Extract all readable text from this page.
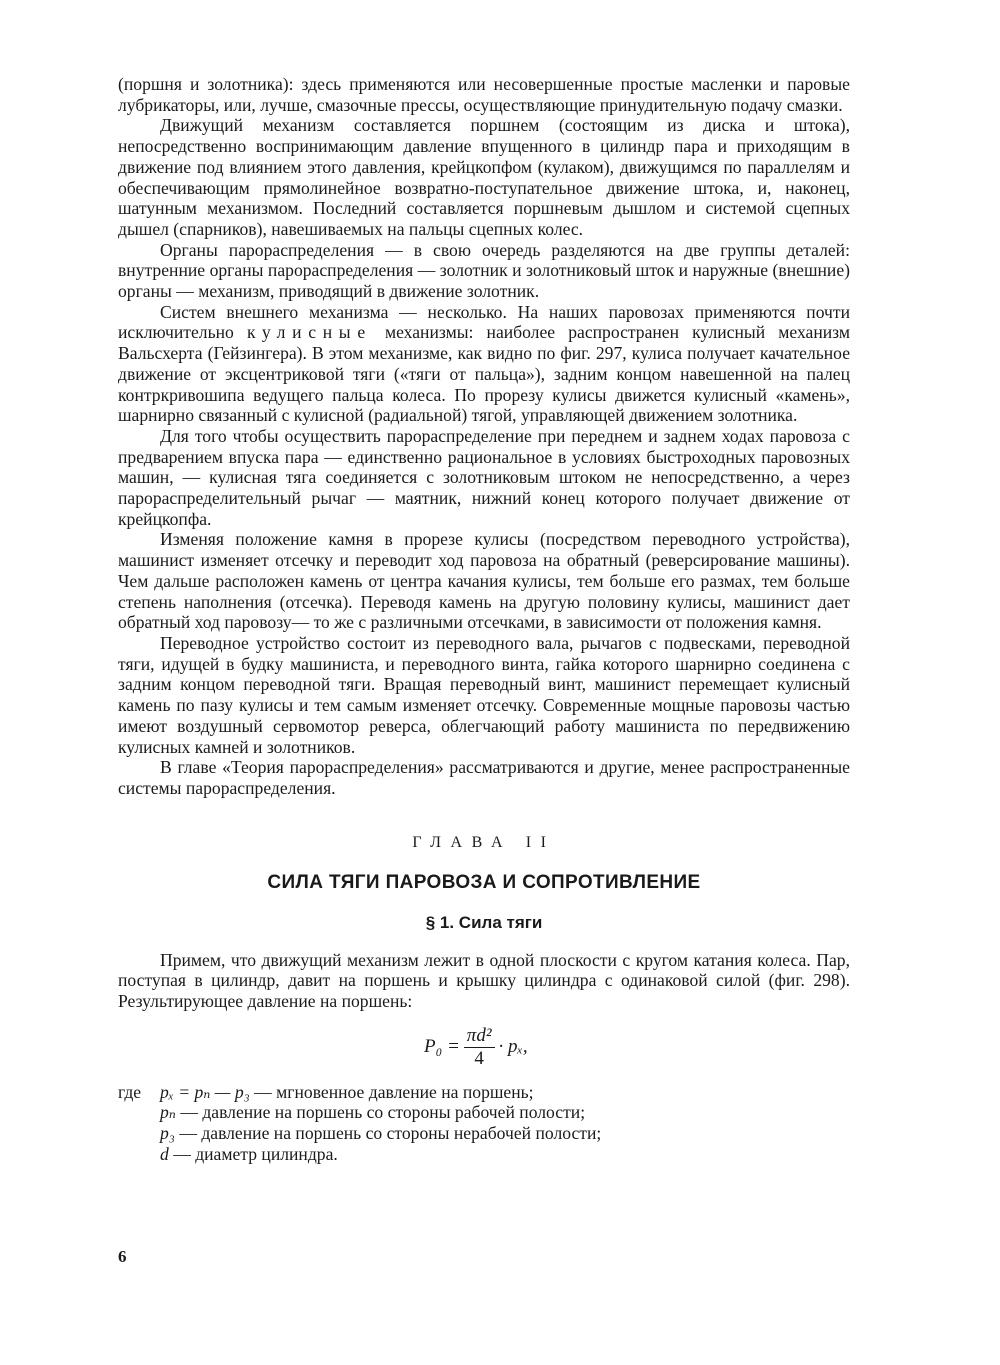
(поршня и золотника): здесь применяются или несовершенные простые масленки и паровые лубрикаторы, или, лучше, смазочные прессы, осуществляющие принудительную подачу смазки.

Движущий механизм составляется поршнем (состоящим из диска и штока), непосредственно воспринимающим давление впущенного в цилиндр пара и приходящим в движение под влиянием этого давления, крейцкопфом (кулаком), движущимся по параллелям и обеспечивающим прямолинейное возвратно-поступательное движение штока, и, наконец, шатунным механизмом. Последний составляется поршневым дышлом и системой сцепных дышел (спарников), навешиваемых на пальцы сцепных колес.

Органы парораспределения — в свою очередь разделяются на две группы деталей: внутренние органы парораспределения — золотник и золотниковый шток и наружные (внешние) органы — механизм, приводящий в движение золотник.

Систем внешнего механизма — несколько. На наших паровозах применяются почти исключительно кулисные механизмы: наиболее распространен кулисный механизм Вальсхерта (Гейзингера). В этом механизме, как видно по фиг. 297, кулиса получает качательное движение от эксцентриковой тяги («тяги от пальца»), задним концом навешенной на палец контркривошипа ведущего пальца колеса. По прорезу кулисы движется кулисный «камень», шарнирно связанный с кулисной (радиальной) тягой, управляющей движением золотника.

Для того чтобы осуществить парораспределение при переднем и заднем ходах паровоза с предварением впуска пара — единственно рациональное в условиях быстроходных паровозных машин, — кулисная тяга соединяется с золотниковым штоком не непосредственно, а через парораспределительный рычаг — маятник, нижний конец которого получает движение от крейцкопфа.

Изменяя положение камня в прорезе кулисы (посредством переводного устройства), машинист изменяет отсечку и переводит ход паровоза на обратный (реверсирование машины). Чем дальше расположен камень от центра качания кулисы, тем больше его размах, тем больше степень наполнения (отсечка). Переводя камень на другую половину кулисы, машинист дает обратный ход паровозу— то же с различными отсечками, в зависимости от положения камня.

Переводное устройство состоит из переводного вала, рычагов с подвесками, переводной тяги, идущей в будку машиниста, и переводного винта, гайка которого шарнирно соединена с задним концом переводной тяги. Вращая переводный винт, машинист перемещает кулисный камень по пазу кулисы и тем самым изменяет отсечку. Современные мощные паровозы частью имеют воздушный сервомотор реверса, облегчающий работу машиниста по передвижению кулисных камней и золотников.

В главе «Теория парораспределения» рассматриваются и другие, менее распространенные системы парораспределения.

ГЛАВА II
СИЛА ТЯГИ ПАРОВОЗА И СОПРОТИВЛЕНИЕ
§ 1. Сила тяги

Примем, что движущий механизм лежит в одной плоскости с кругом катания колеса. Пар, поступая в цилиндр, давит на поршень и крышку цилиндра с одинаковой силой (фиг. 298). Результирующее давление на поршень:

$P_0 = \frac{\text{πd²}}{4} \cdot p_x$,
где	pₓ = pₙ — p₃ — мгновенное давление на поршень;
pₙ — давление на поршень со стороны рабочей полости;
p₃ — давление на поршень со стороны нерабочей полости;
d — диаметр цилиндра.
6
